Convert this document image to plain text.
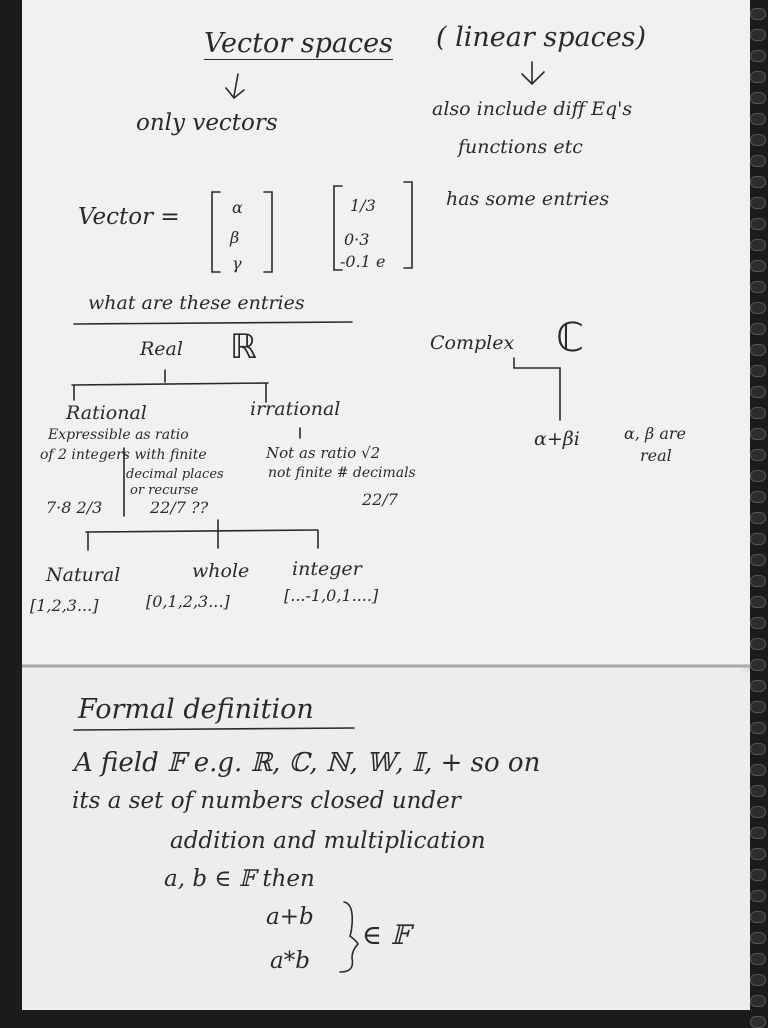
Vector spaces ( linear spaces)
only vectors
also include diff Eq's
functions etc
Vector =	α
β
γ
1/3
0·3
-0.1 e
has some entries
what are these entries
Real ℝ	Complex ℂ
Rational
Expressible as ratio
of 2 integers with finite
decimal places
or recurse
7·8 2/3	22/7 ??
irrational
Not as ratio √2
not finite # decimals
22/7
α+βi	α, β are
real
Natural
[1,2,3...]
whole
[0,1,2,3...]
integer
[...-1,0,1....]
Formal definition
A field 𝔽 e.g. ℝ, ℂ, ℕ, 𝕎, 𝕀, + so on
its a set of numbers closed under
addition and multiplication
a, b ∈ 𝔽 then
a+b
a*b
∈ 𝔽
